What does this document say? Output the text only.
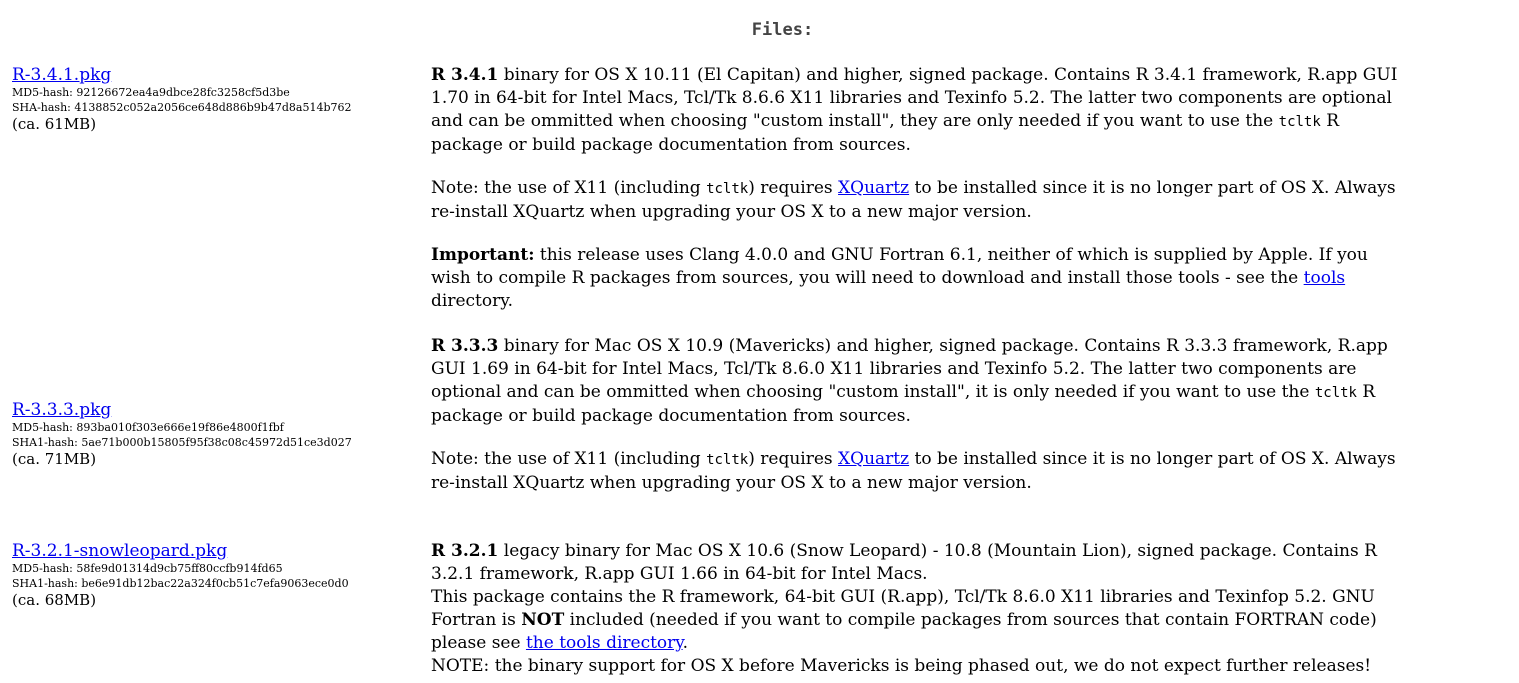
Files:
R-3.4.1.pkg
MD5-hash: 92126672ea4a9dbce28fc3258cf5d3be
SHA-hash: 4138852c052a2056ce648d886b9b47d8a514b762
(ca. 61MB)

R 3.4.1 binary for OS X 10.11 (El Capitan) and higher, signed package. Contains R 3.4.1 framework, R.app GUI 1.70 in 64-bit for Intel Macs, Tcl/Tk 8.6.6 X11 libraries and Texinfo 5.2. The latter two components are optional and can be ommitted when choosing "custom install", they are only needed if you want to use the tcltk R package or build package documentation from sources.

Note: the use of X11 (including tcltk) requires XQuartz to be installed since it is no longer part of OS X. Always re-install XQuartz when upgrading your OS X to a new major version.

Important: this release uses Clang 4.0.0 and GNU Fortran 6.1, neither of which is supplied by Apple. If you wish to compile R packages from sources, you will need to download and install those tools - see the tools directory.

R-3.3.3.pkg
MD5-hash: 893ba010f303e666e19f86e4800f1fbf
SHA1-hash: 5ae71b000b15805f95f38c08c45972d51ce3d027
(ca. 71MB)

R 3.3.3 binary for Mac OS X 10.9 (Mavericks) and higher, signed package. Contains R 3.3.3 framework, R.app GUI 1.69 in 64-bit for Intel Macs, Tcl/Tk 8.6.0 X11 libraries and Texinfo 5.2. The latter two components are optional and can be ommitted when choosing "custom install", it is only needed if you want to use the tcltk R package or build package documentation from sources.

Note: the use of X11 (including tcltk) requires XQuartz to be installed since it is no longer part of OS X. Always re-install XQuartz when upgrading your OS X to a new major version.

R-3.2.1-snowleopard.pkg
MD5-hash: 58fe9d01314d9cb75ff80ccfb914fd65
SHA1-hash: be6e91db12bac22a324f0cb51c7efa9063ece0d0
(ca. 68MB)

R 3.2.1 legacy binary for Mac OS X 10.6 (Snow Leopard) - 10.8 (Mountain Lion), signed package. Contains R 3.2.1 framework, R.app GUI 1.66 in 64-bit for Intel Macs.

This package contains the R framework, 64-bit GUI (R.app), Tcl/Tk 8.6.0 X11 libraries and Texinfop 5.2. GNU Fortran is NOT included (needed if you want to compile packages from sources that contain FORTRAN code) please see the tools directory.

NOTE: the binary support for OS X before Mavericks is being phased out, we do not expect further releases!
